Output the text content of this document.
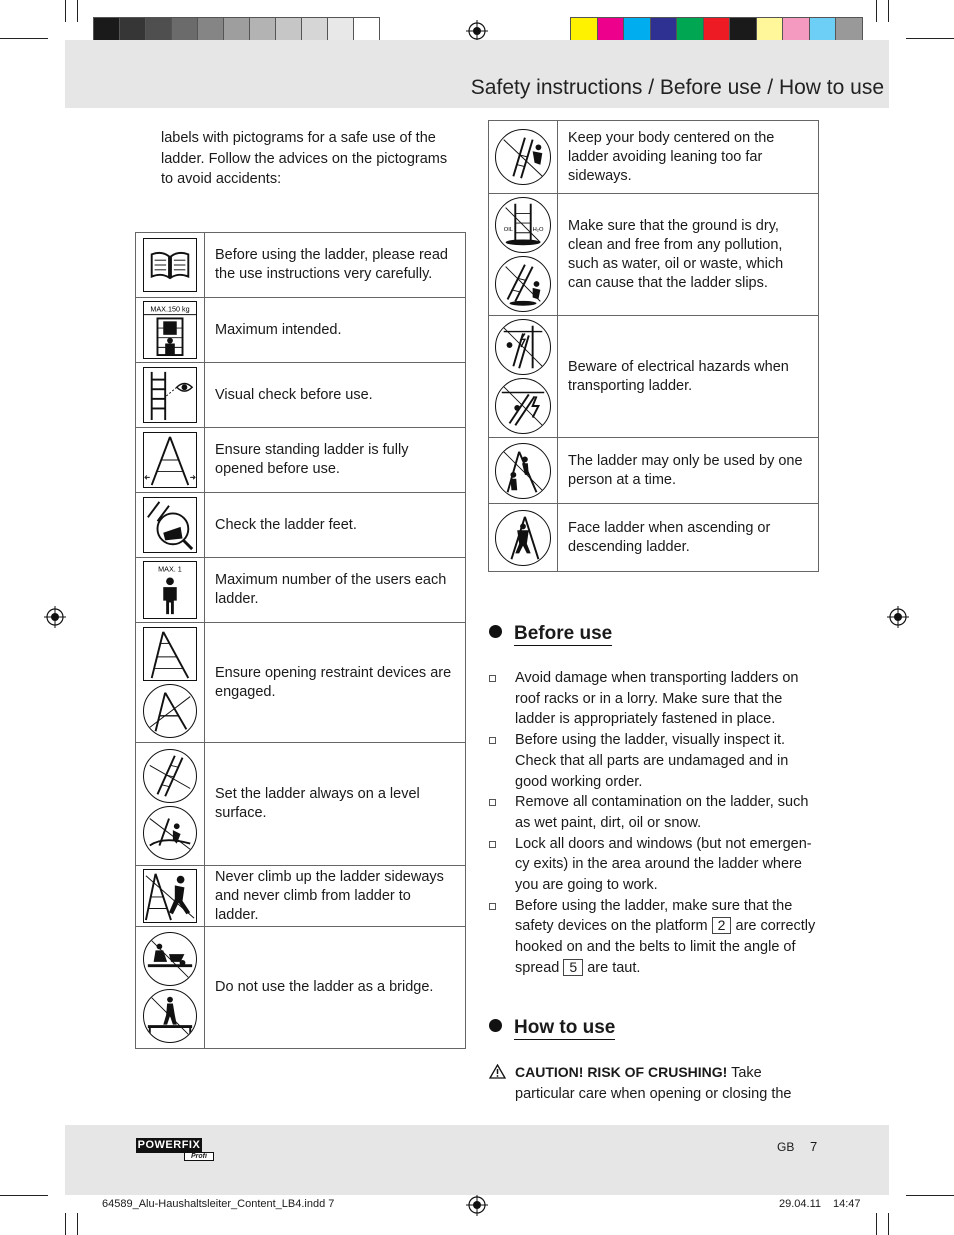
Safety instructions / Before use / How to use
labels with pictograms for a safe use of the ladder. Follow the advices on the pictograms to avoid accidents:
	Before using the ladder, please read the use instructions very carefully.

MAX.150 kg	Maximum intended.

	Visual check before use.

	Ensure standing ladder is fully opened before use.

	Check the ladder feet.

MAX. 1	Maximum number of the users each ladder.

	Ensure opening restraint devices are engaged.

	Set the ladder always on a level surface.

	Never climb up the ladder sideways and never climb from ladder to ladder.

	Do not use the ladder as a bridge.
	Keep your body centered on the ladder avoiding leaning too far sideways.

OIL H₂O	Make sure that the ground is dry, clean and free from any pollution, such as water, oil or waste, which can cause that the ladder slips.

	Beware of electrical hazards when transporting ladder.

	The ladder may only be used by one person at a time.

	Face ladder when ascending or descending ladder.
Before use
Avoid damage when transporting ladders on roof racks or in a lorry. Make sure that the ladder is appropriately fastened in place.
Before using the ladder, visually inspect it. Check that all parts are undamaged and in good working order.
Remove all contamination on the ladder, such as wet paint, dirt, oil or snow.
Lock all doors and windows (but not emergen-cy exits) in the area around the ladder where you are going to work.
Before using the ladder, make sure that the safety devices on the platform 2 are correctly hooked on and the belts to limit the angle of spread 5 are taut.
How to use
CAUTION! RISK OF CRUSHING! Take particular care when opening or closing the
POWERFIX
Profi
GB 7
64589_Alu-Haushaltsleiter_Content_LB4.indd 7	29.04.11 14:47
